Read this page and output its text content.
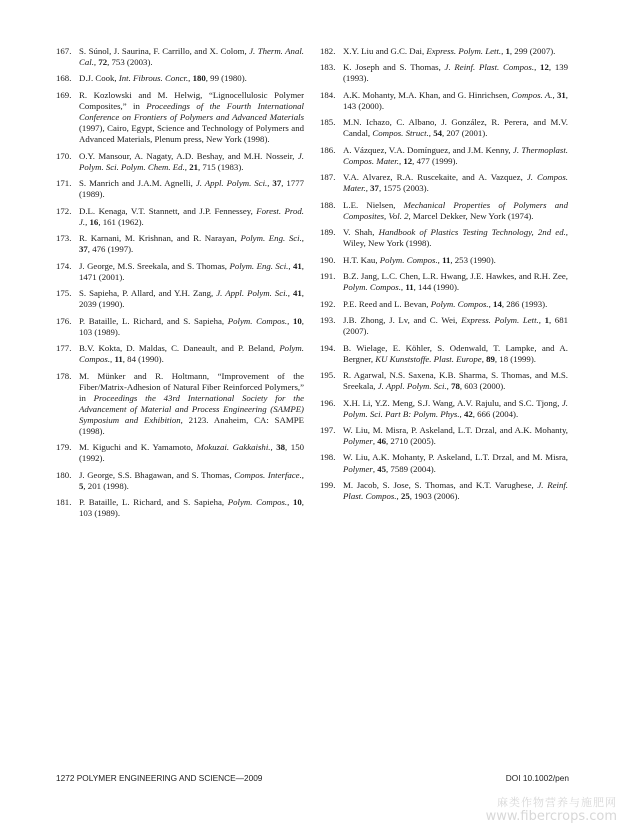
167. S. Súnol, J. Saurina, F. Carrillo, and X. Colom, J. Therm. Anal. Cal., 72, 753 (2003).
168. D.J. Cook, Int. Fibrous. Concr., 180, 99 (1980).
169. R. Kozlowski and M. Helwig, “Lignocellulosic Polymer Composites,” in Proceedings of the Fourth International Conference on Frontiers of Polymers and Advanced Materials (1997), Cairo, Egypt, Science and Technology of Polymers and Advanced Materials, Plenum press, New York (1998).
170. O.Y. Mansour, A. Nagaty, A.D. Beshay, and M.H. Nosseir, J. Polym. Sci. Polym. Chem. Ed., 21, 715 (1983).
171. S. Manrich and J.A.M. Agnelli, J. Appl. Polym. Sci., 37, 1777 (1989).
172. D.L. Kenaga, V.T. Stannett, and J.P. Fennessey, Forest. Prod. J., 16, 161 (1962).
173. R. Karnani, M. Krishnan, and R. Narayan, Polym. Eng. Sci., 37, 476 (1997).
174. J. George, M.S. Sreekala, and S. Thomas, Polym. Eng. Sci., 41, 1471 (2001).
175. S. Sapieha, P. Allard, and Y.H. Zang, J. Appl. Polym. Sci., 41, 2039 (1990).
176. P. Bataille, L. Richard, and S. Sapieha, Polym. Compos., 10, 103 (1989).
177. B.V. Kokta, D. Maldas, C. Daneault, and P. Beland, Polym. Compos., 11, 84 (1990).
178. M. Münker and R. Holtmann, “Improvement of the Fiber/Matrix-Adhesion of Natural Fiber Reinforced Polymers,” in Proceedings the 43rd International Society for the Advancement of Material and Process Engineering (SAMPE) Symposium and Exhibition, 2123. Anaheim, CA: SAMPE (1998).
179. M. Kiguchi and K. Yamamoto, Mokuzai. Gakkaishi., 38, 150 (1992).
180. J. George, S.S. Bhagawan, and S. Thomas, Compos. Interface., 5, 201 (1998).
181. P. Bataille, L. Richard, and S. Sapieha, Polym. Compos., 10, 103 (1989).
182. X.Y. Liu and G.C. Dai, Express. Polym. Lett., 1, 299 (2007).
183. K. Joseph and S. Thomas, J. Reinf. Plast. Compos., 12, 139 (1993).
184. A.K. Mohanty, M.A. Khan, and G. Hinrichsen, Compos. A., 31, 143 (2000).
185. M.N. Ichazo, C. Albano, J. González, R. Perera, and M.V. Candal, Compos. Struct., 54, 207 (2001).
186. A. Vázquez, V.A. Domínguez, and J.M. Kenny, J. Thermoplast. Compos. Mater., 12, 477 (1999).
187. V.A. Alvarez, R.A. Ruscekaite, and A. Vazquez, J. Compos. Mater., 37, 1575 (2003).
188. L.E. Nielsen, Mechanical Properties of Polymers and Composites, Vol. 2, Marcel Dekker, New York (1974).
189. V. Shah, Handbook of Plastics Testing Technology, 2nd ed., Wiley, New York (1998).
190. H.T. Kau, Polym. Compos., 11, 253 (1990).
191. B.Z. Jang, L.C. Chen, L.R. Hwang, J.E. Hawkes, and R.H. Zee, Polym. Compos., 11, 144 (1990).
192. P.E. Reed and L. Bevan, Polym. Compos., 14, 286 (1993).
193. J.B. Zhong, J. Lv, and C. Wei, Express. Polym. Lett., 1, 681 (2007).
194. B. Wielage, E. Köhler, S. Odenwald, T. Lampke, and A. Bergner, KU Kunststoffe. Plast. Europe, 89, 18 (1999).
195. R. Agarwal, N.S. Saxena, K.B. Sharma, S. Thomas, and M.S. Sreekala, J. Appl. Polym. Sci., 78, 603 (2000).
196. X.H. Li, Y.Z. Meng, S.J. Wang, A.V. Rajulu, and S.C. Tjong, J. Polym. Sci. Part B: Polym. Phys., 42, 666 (2004).
197. W. Liu, M. Misra, P. Askeland, L.T. Drzal, and A.K. Mohanty, Polymer, 46, 2710 (2005).
198. W. Liu, A.K. Mohanty, P. Askeland, L.T. Drzal, and M. Misra, Polymer, 45, 7589 (2004).
199. M. Jacob, S. Jose, S. Thomas, and K.T. Varughese, J. Reinf. Plast. Compos., 25, 1903 (2006).
1272 POLYMER ENGINEERING AND SCIENCE—2009	DOI 10.1002/pen
麻类作物营养与施肥网
www.fibercrops.com
